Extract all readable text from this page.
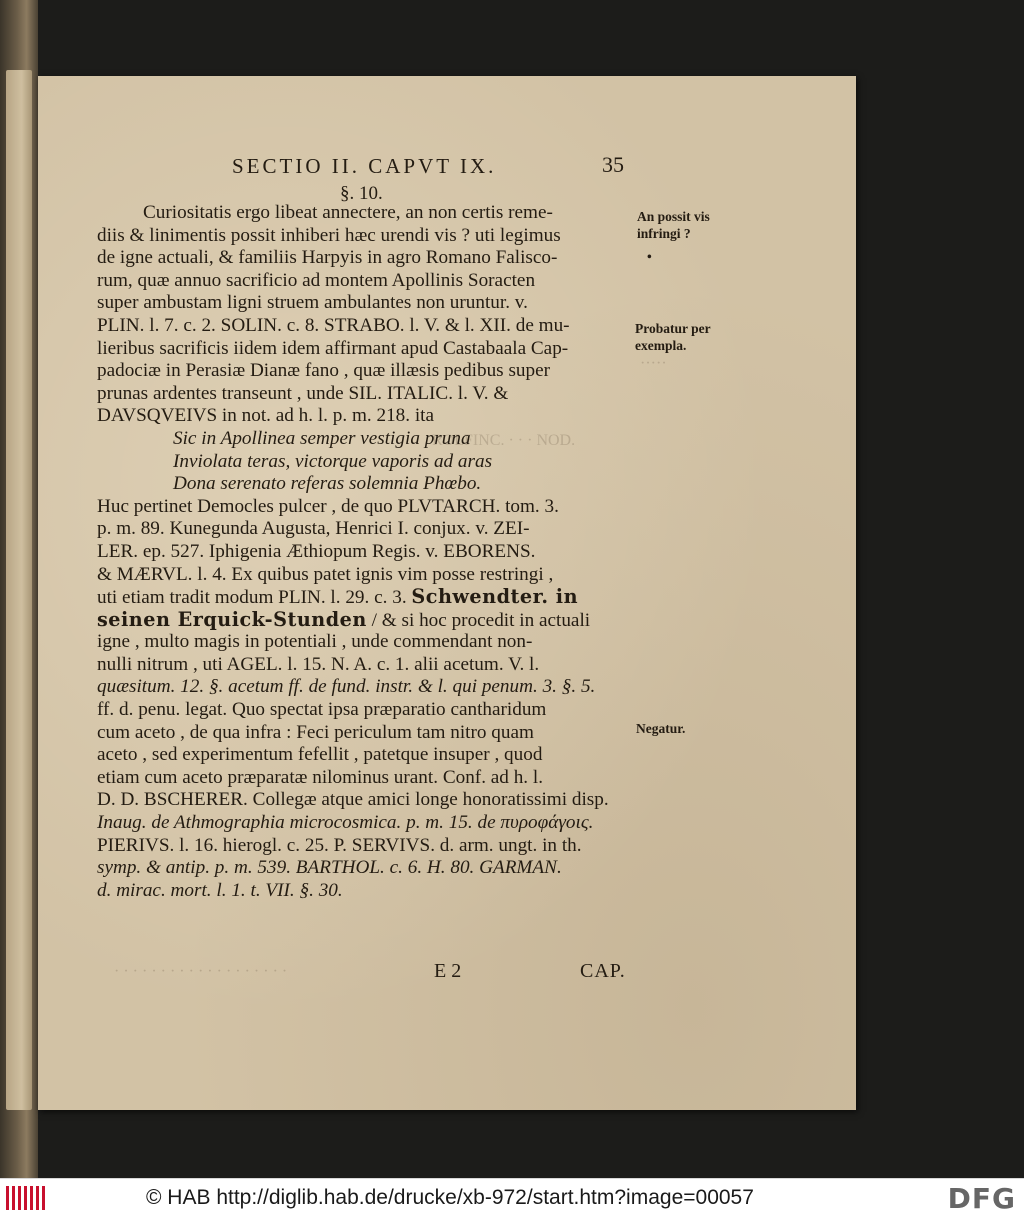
·····
ROLFINC. · · · NOD.
· · · · · · · · · · · · · · · · · · ·
SECTIO II. CAPVT IX.	35
§. 10.
Curiositatis ergo libeat annectere, an non certis reme-
diis & linimentis possit inhiberi hæc urendi vis ? uti legimus
de igne actuali, & familiis Harpyis in agro Romano Falisco-
rum, quæ annuo sacrificio ad montem Apollinis Soracten
super ambustam ligni struem ambulantes non uruntur. v.
PLIN. l. 7. c. 2. SOLIN. c. 8. STRABO. l. V. & l. XII. de mu-
lieribus sacrificis iidem idem affirmant apud Castabaala Cap-
padociæ in Perasiæ Dianæ fano , quæ illæsis pedibus super
prunas ardentes transeunt , unde SIL. ITALIC. l. V. &
DAVSQVEIVS in not. ad h. l. p. m. 218. ita
Sic in Apollinea semper vestigia pruna
Inviolata teras, victorque vaporis ad aras
Dona serenato referas solemnia Phœbo.
Huc pertinet Democles pulcer , de quo PLVTARCH. tom. 3.
p. m. 89. Kunegunda Augusta, Henrici I. conjux. v. ZEI-
LER. ep. 527. Iphigenia Æthiopum Regis. v. EBORENS.
& MÆRVL. l. 4. Ex quibus patet ignis vim posse restringi ,
uti etiam tradit modum PLIN. l. 29. c. 3. Schwendter. in
seinen Erquick-Stunden / & si hoc procedit in actuali
igne , multo magis in potentiali , unde commendant non-
nulli nitrum , uti AGEL. l. 15. N. A. c. 1. alii acetum. V. l.
quæsitum. 12. §. acetum ff. de fund. instr. & l. qui penum. 3. §. 5.
ff. d. penu. legat. Quo spectat ipsa præparatio cantharidum
cum aceto , de qua infra : Feci periculum tam nitro quam
aceto , sed experimentum fefellit , patetque insuper , quod
etiam cum aceto præparatæ nilominus urant. Conf. ad h. l.
D. D. BSCHERER. Collegæ atque amici longe honoratissimi disp.
Inaug. de Athmographia microcosmica. p. m. 15. de πυρoφάγοις.
PIERIVS. l. 16. hierogl. c. 25. P. SERVIVS. d. arm. ungt. in th.
symp. & antip. p. m. 539. BARTHOL. c. 6. H. 80. GARMAN.
d. mirac. mort. l. 1. t. VII. §. 30.
An possit vis
infringi ?
•
Probatur per
exempla.
Negatur.
E 2	CAP.
© HAB http://diglib.hab.de/drucke/xb-972/start.htm?image=00057	DFG
